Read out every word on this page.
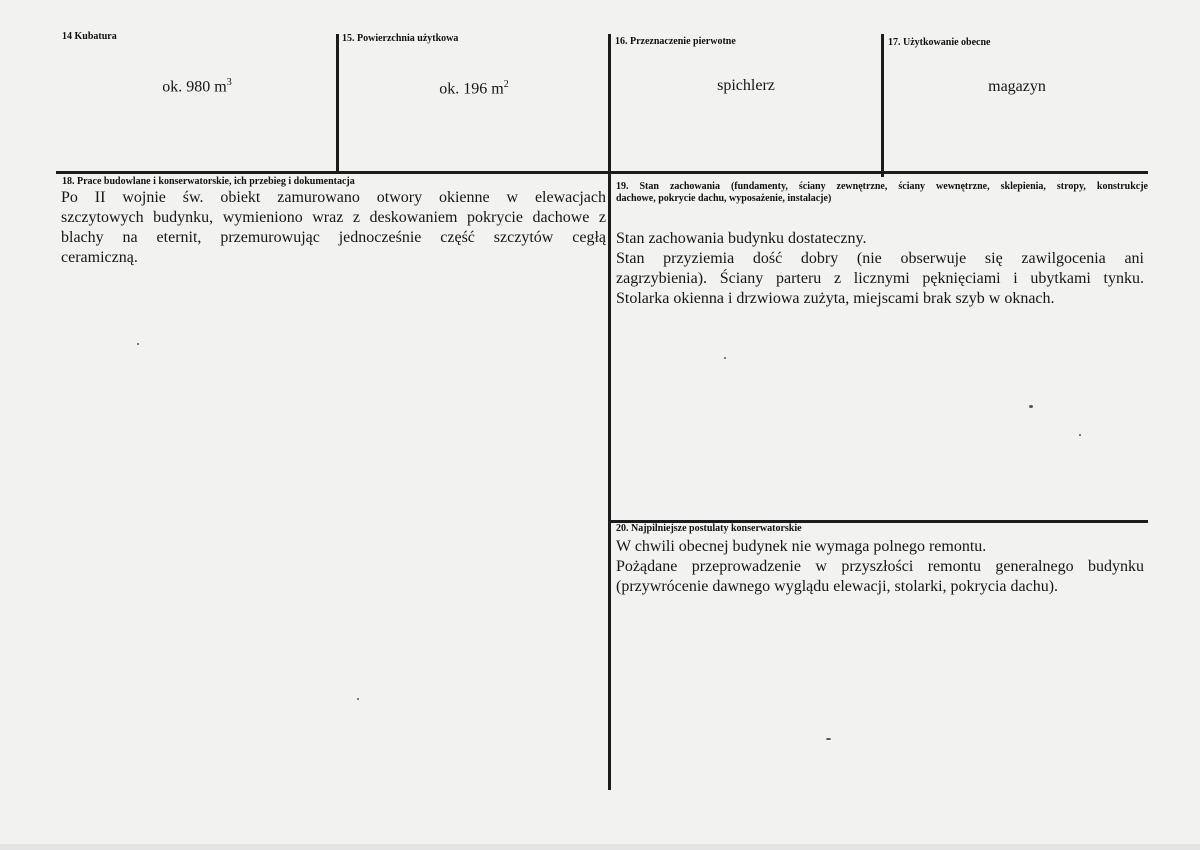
14 Kubatura
ok. 980 $m^3$
15. Powierzchnia użytkowa
ok. 196 $m^2$
16. Przeznaczenie pierwotne
spichlerz
17. Użytkowanie obecne
magazyn
18. Prace budowlane i konserwatorskie, ich przebieg i dokumentacja
Po II wojnie św. obiekt zamurowano otwory okienne w elewacjach
szczytowych budynku, wymieniono wraz z deskowaniem pokrycie dachowe z
blachy na eternit, przemurowując jednocześnie część szczytów cegłą
ceramiczną.
19. Stan zachowania (fundamenty, ściany zewnętrzne, ściany wewnętrzne, sklepienia, stropy, konstrukcje
dachowe, pokrycie dachu, wyposażenie, instalacje)
Stan zachowania budynku dostateczny.
Stan przyziemia dość dobry (nie obserwuje się zawilgocenia ani
zagrzybienia). Ściany parteru z licznymi pęknięciami i ubytkami tynku.
Stolarka okienna i drzwiowa zużyta, miejscami brak szyb w oknach.
20. Najpilniejsze postulaty konserwatorskie
W chwili obecnej budynek nie wymaga polnego remontu.
Pożądane przeprowadzenie w przyszłości remontu generalnego budynku
(przywrócenie dawnego wyglądu elewacji, stolarki, pokrycia dachu).
